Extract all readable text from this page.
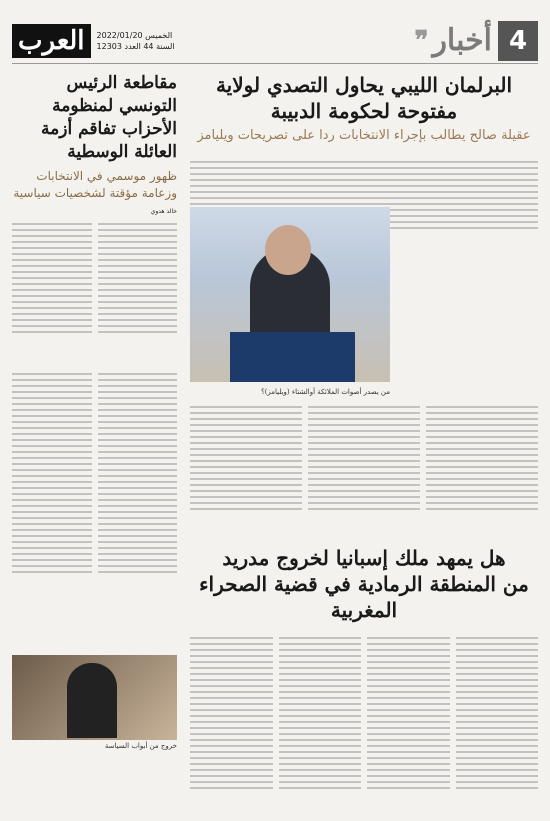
4
أخبار
❞
الخميس 2022/01/20
السنة 44 العدد 12303
العرب
البرلمان الليبي يحاول التصدي لولاية
مفتوحة لحكومة الدبيبة
عقيلة صالح يطالب بإجراء الانتخابات ردا على تصريحات ويليامز
من يصدر أصوات الملائكة أوالشتاء (ويليامز)؟
مقاطعة الرئيس التونسي لمنظومة الأحزاب تفاقم أزمة العائلة الوسطية
ظهور موسمي في الانتخابات وزعامة مؤقتة لشخصيات سياسية
خالد هدوي
خروج من أبواب السياسة
هل يمهد ملك إسبانيا لخروج مدريد
من المنطقة الرمادية في قضية الصحراء المغربية
